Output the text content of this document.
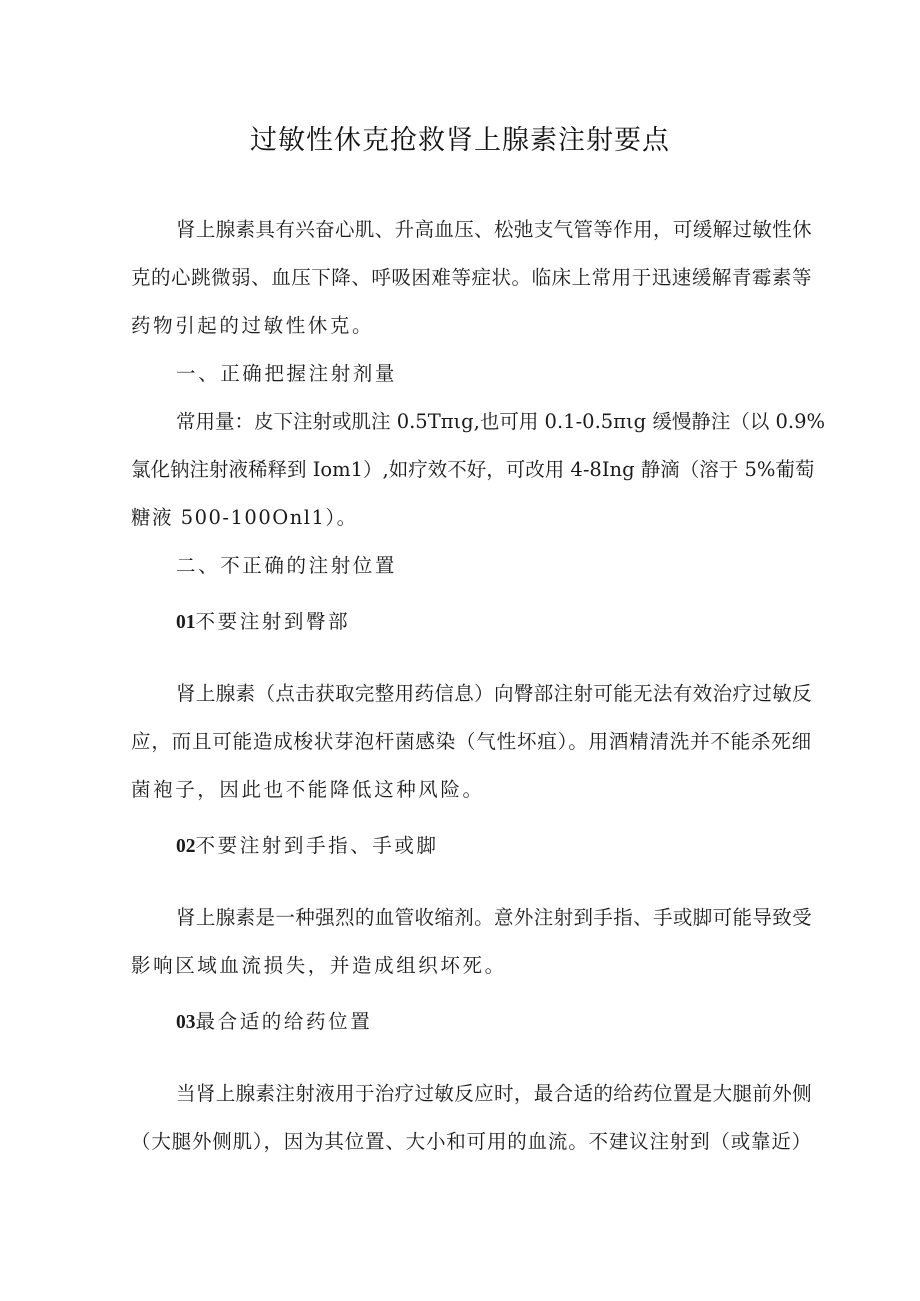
过敏性休克抢救肾上腺素注射要点
肾上腺素具有兴奋心肌、升高血压、松弛支气管等作用，可缓解过敏性休
克的心跳微弱、血压下降、呼吸困难等症状。临床上常用于迅速缓解青霉素等
药物引起的过敏性休克。
一、正确把握注射剂量
常用量：皮下注射或肌注 0.5Tπιg,也可用 0.1-0.5πιg 缓慢静注（以 0.9%
氯化钠注射液稀释到 Iom1）,如疗效不好，可改用 4-8Ing 静滴（溶于 5%葡萄
糖液 500-100Onl1）。
二、不正确的注射位置
01不要注射到臀部
肾上腺素（点击获取完整用药信息）向臀部注射可能无法有效治疗过敏反
应，而且可能造成梭状芽泡杆菌感染（气性坏疽）。用酒精清洗并不能杀死细
菌袍子，因此也不能降低这种风险。
02不要注射到手指、手或脚
肾上腺素是一种强烈的血管收缩剂。意外注射到手指、手或脚可能导致受
影响区域血流损失，并造成组织坏死。
03最合适的给药位置
当肾上腺素注射液用于治疗过敏反应时，最合适的给药位置是大腿前外侧
（大腿外侧肌），因为其位置、大小和可用的血流。不建议注射到（或靠近）
